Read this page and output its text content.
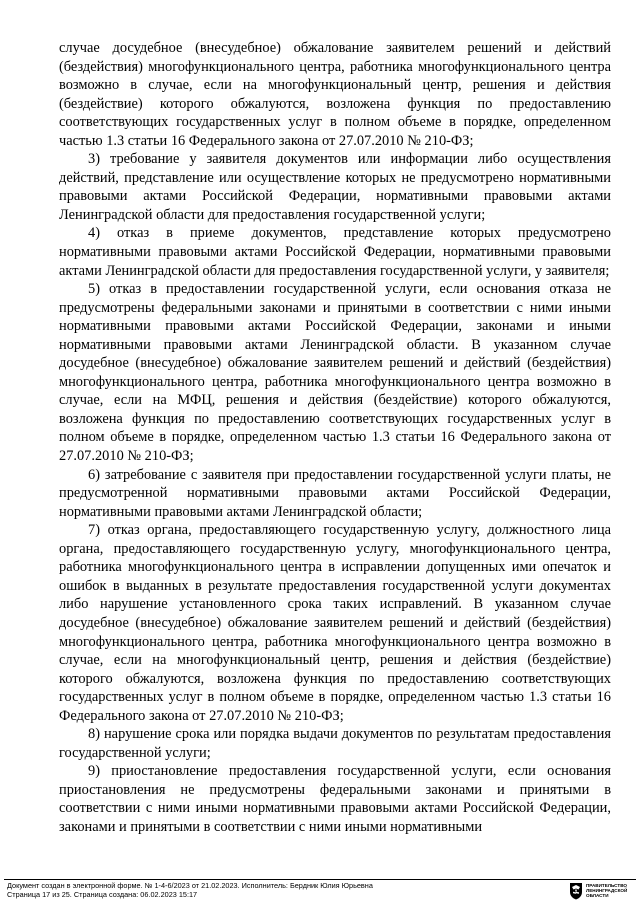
случае досудебное (внесудебное) обжалование заявителем решений и действий (бездействия) многофункционального центра, работника многофункционального центра возможно в случае, если на многофункциональный центр, решения и действия (бездействие) которого обжалуются, возложена функция по предоставлению соответствующих государственных услуг в полном объеме в порядке, определенном частью 1.3 статьи 16 Федерального закона от 27.07.2010 № 210-ФЗ;

3) требование у заявителя документов или информации либо осуществления действий, представление или осуществление которых не предусмотрено нормативными правовыми актами Российской Федерации, нормативными правовыми актами Ленинградской области для предоставления государственной услуги;

4) отказ в приеме документов, представление которых предусмотрено нормативными правовыми актами Российской Федерации, нормативными правовыми актами Ленинградской области для предоставления государственной услуги, у заявителя;

5) отказ в предоставлении государственной услуги, если основания отказа не предусмотрены федеральными законами и принятыми в соответствии с ними иными нормативными правовыми актами Российской Федерации, законами и иными нормативными правовыми актами Ленинградской области. В указанном случае досудебное (внесудебное) обжалование заявителем решений и действий (бездействия) многофункционального центра, работника многофункционального центра возможно в случае, если на МФЦ, решения и действия (бездействие) которого обжалуются, возложена функция по предоставлению соответствующих государственных услуг в полном объеме в порядке, определенном частью 1.3 статьи 16 Федерального закона от 27.07.2010 № 210-ФЗ;

6) затребование с заявителя при предоставлении государственной услуги платы, не предусмотренной нормативными правовыми актами Российской Федерации, нормативными правовыми актами Ленинградской области;

7) отказ органа, предоставляющего государственную услугу, должностного лица органа, предоставляющего государственную услугу, многофункционального центра, работника многофункционального центра в исправлении допущенных ими опечаток и ошибок в выданных в результате предоставления государственной услуги документах либо нарушение установленного срока таких исправлений. В указанном случае досудебное (внесудебное) обжалование заявителем решений и действий (бездействия) многофункционального центра, работника многофункционального центра возможно в случае, если на многофункциональный центр, решения и действия (бездействие) которого обжалуются, возложена функция по предоставлению соответствующих государственных услуг в полном объеме в порядке, определенном частью 1.3 статьи 16 Федерального закона от 27.07.2010 № 210-ФЗ;

8) нарушение срока или порядка выдачи документов по результатам предоставления государственной услуги;

9) приостановление предоставления государственной услуги, если основания приостановления не предусмотрены федеральными законами и принятыми в соответствии с ними иными нормативными правовыми актами Российской Федерации, законами и принятыми в соответствии с ними иными нормативными

Документ создан в электронной форме. № 1-4-6/2023 от 21.02.2023. Исполнитель: Бердник Юлия Юрьевна
Страница 17 из 25. Страница создана: 06.02.2023 15:17
ПРАВИТЕЛЬСТВО
ЛЕНИНГРАДСКОЙ
ОБЛАСТИ
